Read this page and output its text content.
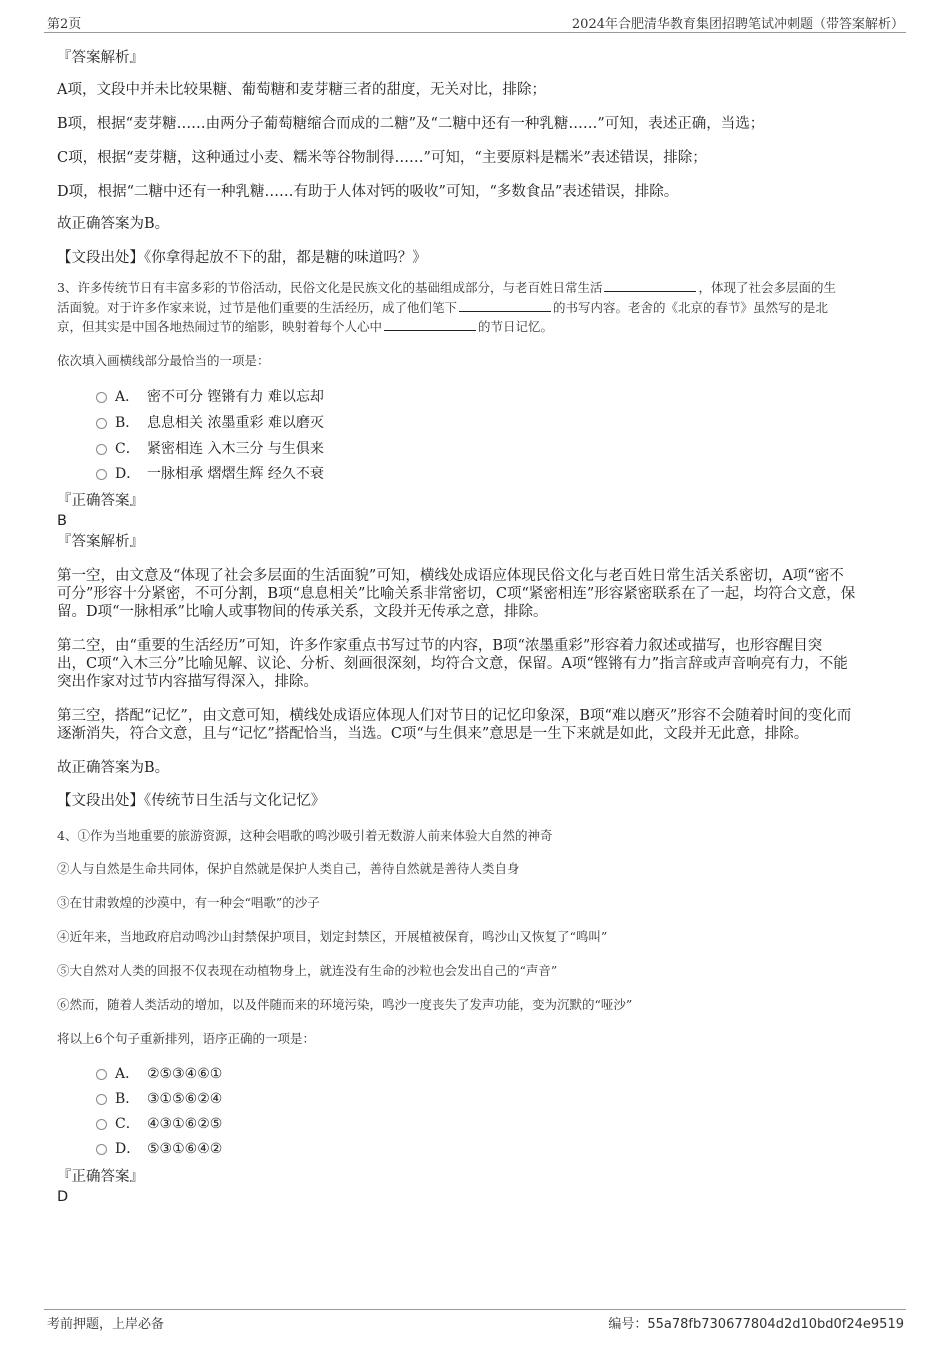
第2页	2024年合肥清华教育集团招聘笔试冲刺题（带答案解析）
『答案解析』
A项，文段中并未比较果糖、葡萄糖和麦芽糖三者的甜度，无关对比，排除；
B项，根据“麦芽糖……由两分子葡萄糖缩合而成的二糖”及“二糖中还有一种乳糖……”可知，表述正确，当选；
C项，根据“麦芽糖，这种通过小麦、糯米等谷物制得……”可知，“主要原料是糯米”表述错误，排除；
D项，根据“二糖中还有一种乳糖……有助于人体对钙的吸收”可知，“多数食品”表述错误，排除。
故正确答案为B。
【文段出处】《你拿得起放不下的甜，都是糖的味道吗？》
3、许多传统节日有丰富多彩的节俗活动，民俗文化是民族文化的基础组成部分，与老百姓日常生活	，体现了社会多层面的生
活面貌。对于许多作家来说，过节是他们重要的生活经历，成了他们笔下	的书写内容。老舍的《北京的春节》虽然写的是北
京，但其实是中国各地热闹过节的缩影，映射着每个人心中	的节日记忆。
依次填入画横线部分最恰当的一项是：
A． 密不可分 铿锵有力 难以忘却
B． 息息相关 浓墨重彩 难以磨灭
C． 紧密相连 入木三分 与生俱来
D． 一脉相承 熠熠生辉 经久不衰
『正确答案』
B
『答案解析』
第一空，由文意及“体现了社会多层面的生活面貌”可知，横线处成语应体现民俗文化与老百姓日常生活关系密切，A项“密不
可分”形容十分紧密，不可分割，B项“息息相关”比喻关系非常密切，C项“紧密相连”形容紧密联系在了一起，均符合文意，保
留。D项“一脉相承”比喻人或事物间的传承关系，文段并无传承之意，排除。
第二空，由“重要的生活经历”可知，许多作家重点书写过节的内容，B项“浓墨重彩”形容着力叙述或描写，也形容醒目突
出，C项“入木三分”比喻见解、议论、分析、刻画很深刻，均符合文意，保留。A项“铿锵有力”指言辞或声音响亮有力，不能
突出作家对过节内容描写得深入，排除。
第三空，搭配“记忆”，由文意可知，横线处成语应体现人们对节日的记忆印象深，B项“难以磨灭”形容不会随着时间的变化而
逐渐消失，符合文意，且与“记忆”搭配恰当，当选。C项“与生俱来”意思是一生下来就是如此，文段并无此意，排除。
故正确答案为B。
【文段出处】《传统节日生活与文化记忆》
4、①作为当地重要的旅游资源，这种会唱歌的鸣沙吸引着无数游人前来体验大自然的神奇
②人与自然是生命共同体，保护自然就是保护人类自己，善待自然就是善待人类自身
③在甘肃敦煌的沙漠中，有一种会“唱歌”的沙子
④近年来，当地政府启动鸣沙山封禁保护项目，划定封禁区，开展植被保育，鸣沙山又恢复了“鸣叫”
⑤大自然对人类的回报不仅表现在动植物身上，就连没有生命的沙粒也会发出自己的“声音”
⑥然而，随着人类活动的增加，以及伴随而来的环境污染，鸣沙一度丧失了发声功能，变为沉默的“哑沙”
将以上6个句子重新排列，语序正确的一项是：
A． ②⑤③④⑥①
B． ③①⑤⑥②④
C． ④③①⑥②⑤
D． ⑤③①⑥④②
『正确答案』
D
考前押题，上岸必备	编号：55a78fb730677804d2d10bd0f24e9519
